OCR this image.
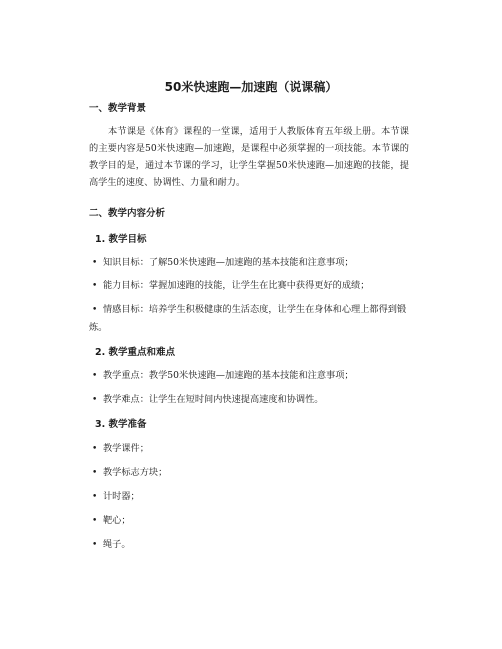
50米快速跑—加速跑（说课稿）
一、教学背景

本节课是《体育》课程的一堂课，适用于人教版体育五年级上册。本节课的主要内容是50米快速跑—加速跑，是课程中必须掌握的一项技能。本节课的教学目的是，通过本节课的学习，让学生掌握50米快速跑—加速跑的技能，提高学生的速度、协调性、力量和耐力。

二、教学内容分析
1. 教学目标
• 知识目标：了解50米快速跑—加速跑的基本技能和注意事项；
• 能力目标：掌握加速跑的技能，让学生在比赛中获得更好的成绩；
• 情感目标：培养学生积极健康的生活态度，让学生在身体和心理上都得到锻炼。
2. 教学重点和难点
• 教学重点：教学50米快速跑—加速跑的基本技能和注意事项；
• 教学难点：让学生在短时间内快速提高速度和协调性。
3. 教学准备
• 教学课件；
• 教学标志方块；
• 计时器；
• 靶心；
• 绳子。
